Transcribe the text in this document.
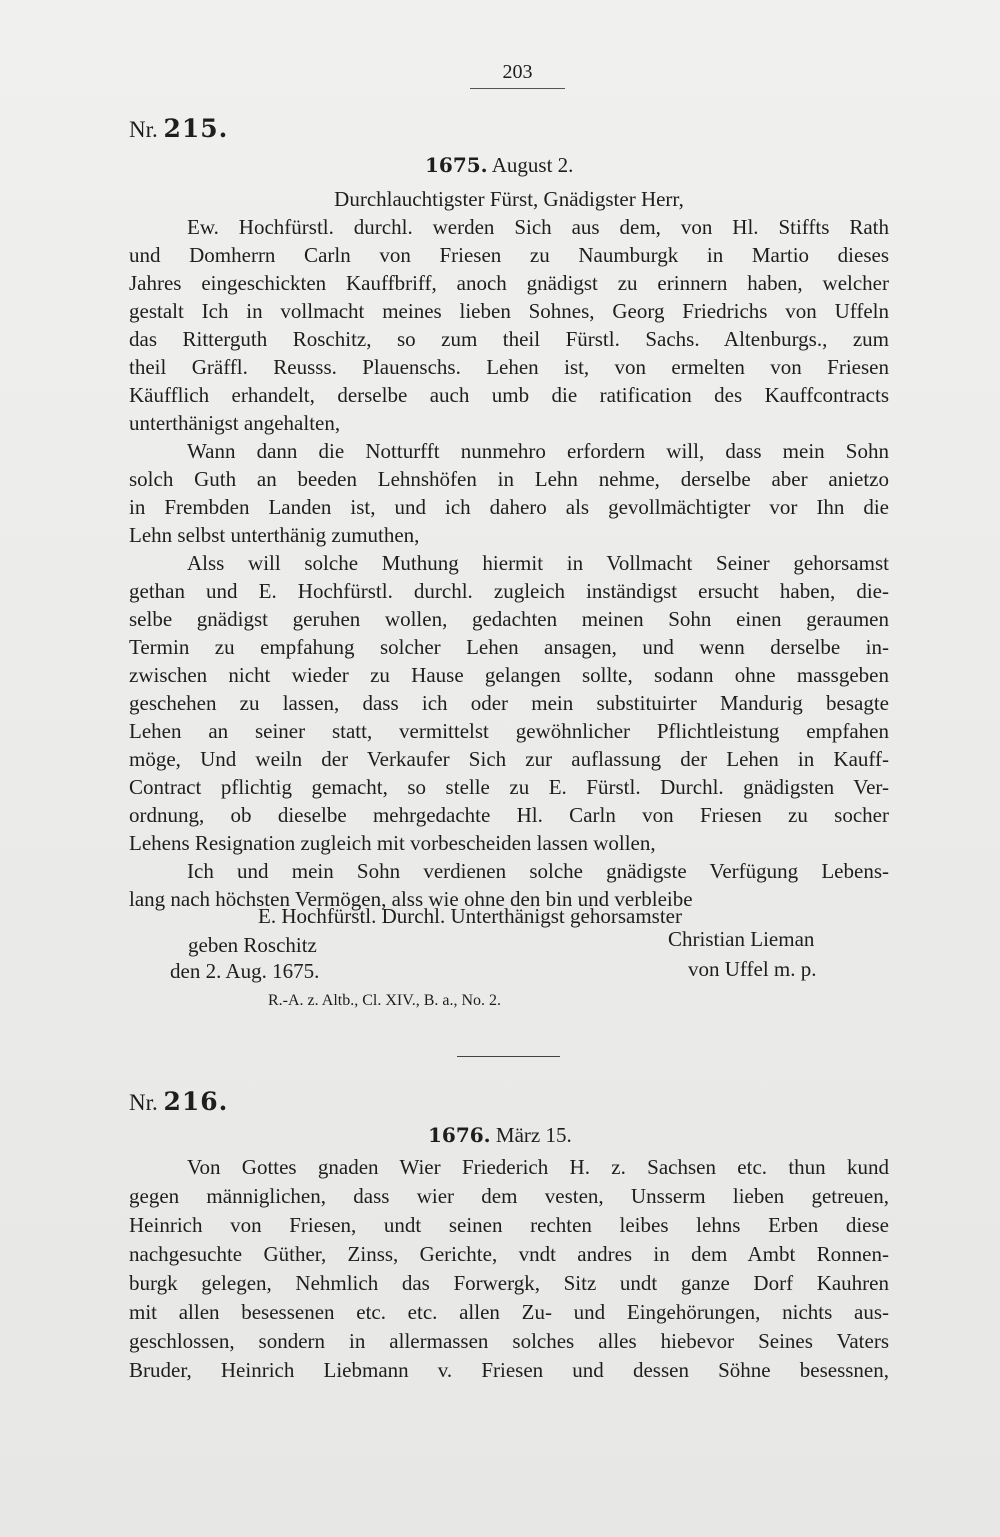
203
Nr. 215.
1675. August 2.
Durchlauchtigster Fürst, Gnädigster Herr,
Ew. Hochfürstl. durchl. werden Sich aus dem, von Hl. Stiffts Rath
und Domherrn Carln von Friesen zu Naumburgk in Martio dieses
Jahres eingeschickten Kauffbriff, anoch gnädigst zu erinnern haben, welcher
gestalt Ich in vollmacht meines lieben Sohnes, Georg Friedrichs von Uffeln
das Ritterguth Roschitz, so zum theil Fürstl. Sachs. Altenburgs., zum
theil Gräffl. Reusss. Plauenschs. Lehen ist, von ermelten von Friesen
Käufflich erhandelt, derselbe auch umb die ratification des Kauffcontracts
unterthänigst angehalten,
Wann dann die Notturfft nunmehro erfordern will, dass mein Sohn
solch Guth an beeden Lehnshöfen in Lehn nehme, derselbe aber anietzo
in Frembden Landen ist, und ich dahero als gevollmächtigter vor Ihn die
Lehn selbst unterthänig zumuthen,
Alss will solche Muthung hiermit in Vollmacht Seiner gehorsamst
gethan und E. Hochfürstl. durchl. zugleich inständigst ersucht haben, die-
selbe gnädigst geruhen wollen, gedachten meinen Sohn einen geraumen
Termin zu empfahung solcher Lehen ansagen, und wenn derselbe in-
zwischen nicht wieder zu Hause gelangen sollte, sodann ohne massgeben
geschehen zu lassen, dass ich oder mein substituirter Mandurig besagte
Lehen an seiner statt, vermittelst gewöhnlicher Pflichtleistung empfahen
möge, Und weiln der Verkaufer Sich zur auflassung der Lehen in Kauff-
Contract pflichtig gemacht, so stelle zu E. Fürstl. Durchl. gnädigsten Ver-
ordnung, ob dieselbe mehrgedachte Hl. Carln von Friesen zu socher
Lehens Resignation zugleich mit vorbescheiden lassen wollen,
Ich und mein Sohn verdienen solche gnädigste Verfügung Lebens-
lang nach höchsten Vermögen, alss wie ohne den bin und verbleibe
E. Hochfürstl. Durchl. Unterthänigst gehorsamster
geben Roschitz	Christian Lieman
den 2. Aug. 1675.	von Uffel m. p.
R.-A. z. Altb., Cl. XIV., B. a., No. 2.
Nr. 216.
1676. März 15.
Von Gottes gnaden Wier Friederich H. z. Sachsen etc. thun kund
gegen männiglichen, dass wier dem vesten, Unsserm lieben getreuen,
Heinrich von Friesen, undt seinen rechten leibes lehns Erben diese
nachgesuchte Güther, Zinss, Gerichte, vndt andres in dem Ambt Ronnen-
burgk gelegen, Nehmlich das Forwergk, Sitz undt ganze Dorf Kauhren
mit allen besessenen etc. etc. allen Zu- und Eingehörungen, nichts aus-
geschlossen, sondern in allermassen solches alles hiebevor Seines Vaters
Bruder, Heinrich Liebmann v. Friesen und dessen Söhne besessnen,
